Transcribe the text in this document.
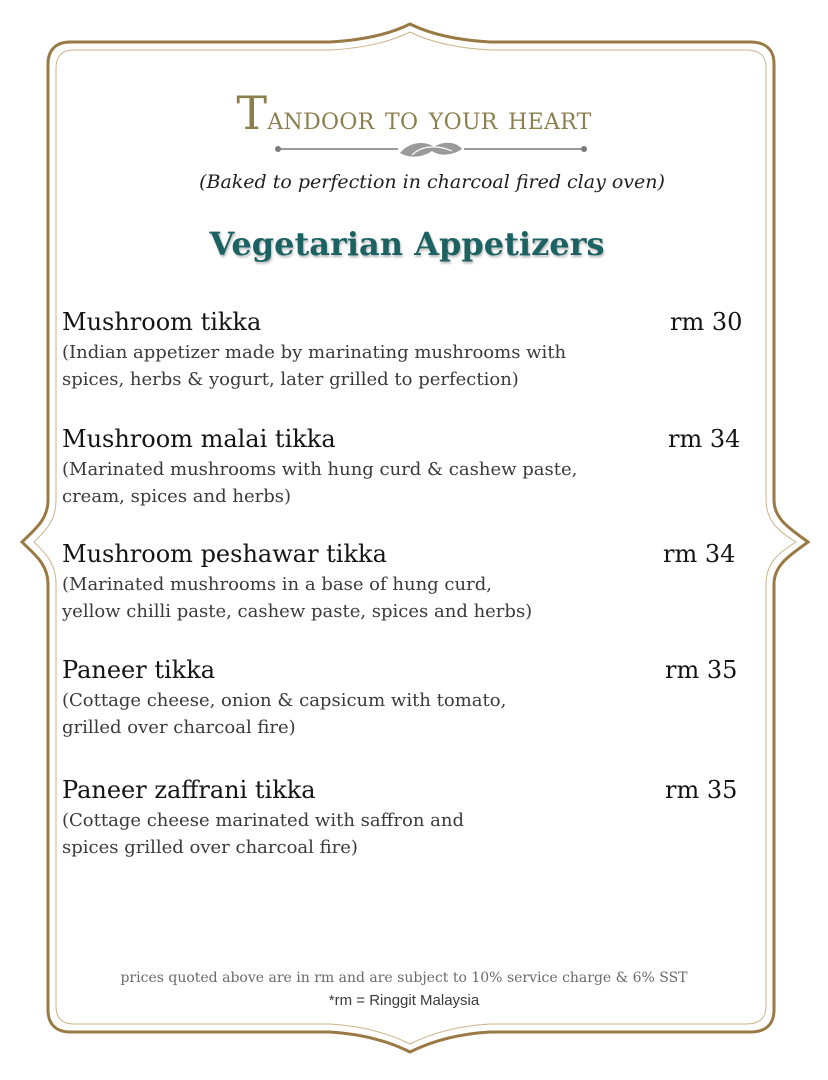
Tandoor to your heart
(Baked to perfection in charcoal fired clay oven)
Vegetarian Appetizers
Mushroom tikka	rm 30
(Indian appetizer made by marinating mushrooms with
spices, herbs & yogurt, later grilled to perfection)
Mushroom malai tikka	rm 34
(Marinated mushrooms with hung curd & cashew paste,
cream, spices and herbs)
Mushroom peshawar tikka	rm 34
(Marinated mushrooms in a base of hung curd,
yellow chilli paste, cashew paste, spices and herbs)
Paneer tikka	rm 35
(Cottage cheese, onion & capsicum with tomato,
grilled over charcoal fire)
Paneer zaffrani tikka	rm 35
(Cottage cheese marinated with saffron and
spices grilled over charcoal fire)
prices quoted above are in rm and are subject to 10% service charge & 6% SST
*rm = Ringgit Malaysia
